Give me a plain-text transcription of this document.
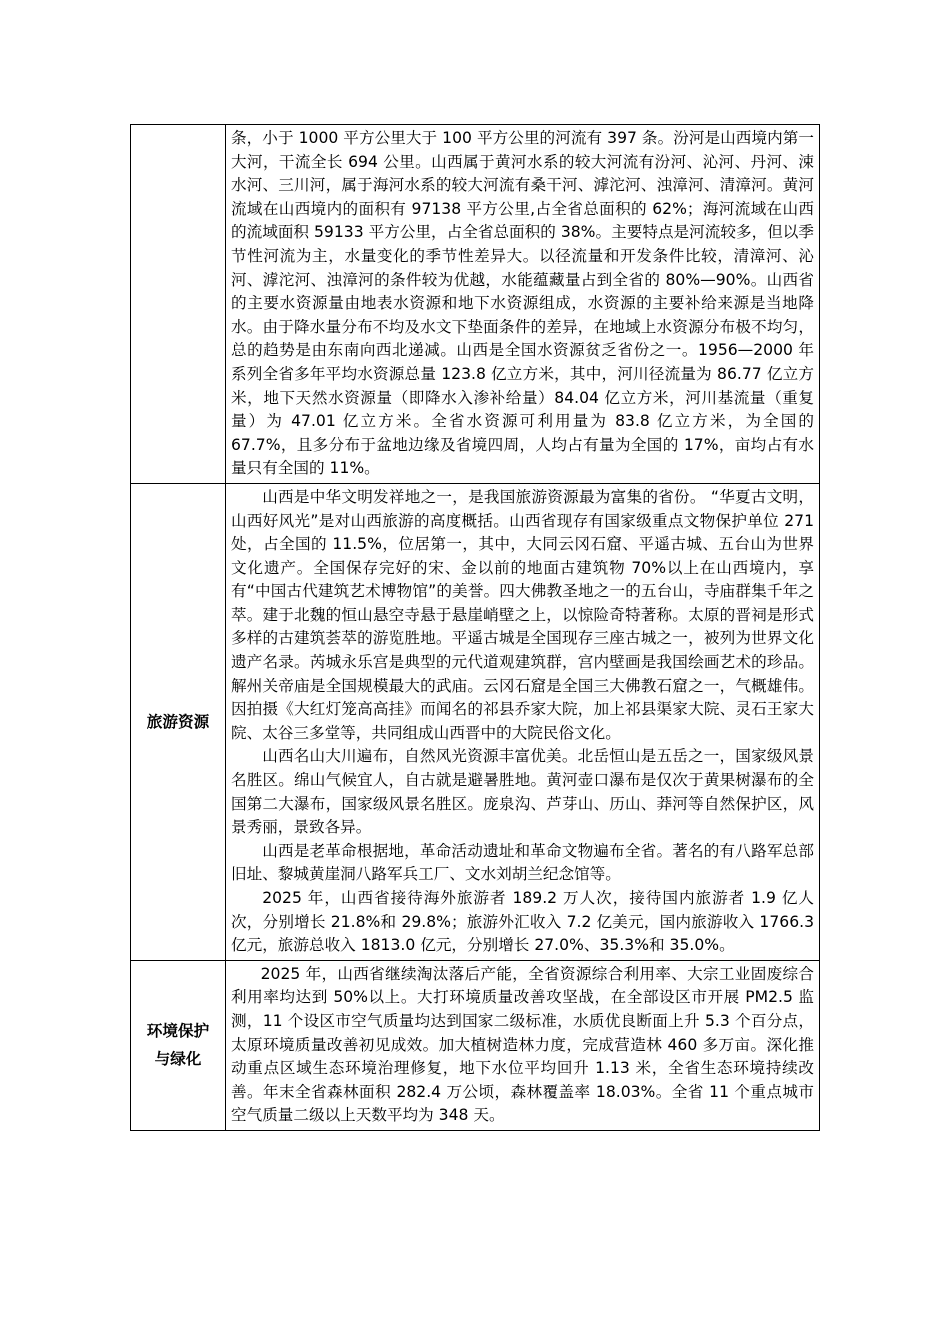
	条，小于 1000 平方公里大于 100 平方公里的河流有 397 条。汾河是山西境内第一大河，干流全长 694 公里。山西属于黄河水系的较大河流有汾河、沁河、丹河、涑水河、三川河，属于海河水系的较大河流有桑干河、滹沱河、浊漳河、清漳河。黄河流域在山西境内的面积有 97138 平方公里,占全省总面积的 62%；海河流域在山西的流域面积 59133 平方公里，占全省总面积的 38%。主要特点是河流较多，但以季节性河流为主，水量变化的季节性差异大。以径流量和开发条件比较，清漳河、沁河、滹沱河、浊漳河的条件较为优越，水能蕴藏量占到全省的 80%—90%。山西省的主要水资源量由地表水资源和地下水资源组成，水资源的主要补给来源是当地降水。由于降水量分布不均及水文下垫面条件的差异，在地域上水资源分布极不均匀，总的趋势是由东南向西北递减。山西是全国水资源贫乏省份之一。1956—2000 年系列全省多年平均水资源总量 123.8 亿立方米，其中，河川径流量为 86.77 亿立方米，地下天然水资源量（即降水入渗补给量）84.04 亿立方米，河川基流量（重复量）为 47.01 亿立方米。全省水资源可利用量为 83.8 亿立方米，为全国的 67.7%，且多分布于盆地边缘及省境四周，人均占有量为全国的 17%，亩均占有水量只有全国的 11%。

旅游资源	山西是中华文明发祥地之一，是我国旅游资源最为富集的省份。 “华夏古文明，山西好风光”是对山西旅游的高度概括。山西省现存有国家级重点文物保护单位 271 处，占全国的 11.5%，位居第一，其中，大同云冈石窟、平遥古城、五台山为世界文化遗产。全国保存完好的宋、金以前的地面古建筑物 70%以上在山西境内，享有“中国古代建筑艺术博物馆”的美誉。四大佛教圣地之一的五台山，寺庙群集千年之萃。建于北魏的恒山悬空寺悬于悬崖峭壁之上，以惊险奇特著称。太原的晋祠是形式多样的古建筑荟萃的游览胜地。平遥古城是全国现存三座古城之一，被列为世界文化遗产名录。芮城永乐宫是典型的元代道观建筑群，宫内壁画是我国绘画艺术的珍品。解州关帝庙是全国规模最大的武庙。云冈石窟是全国三大佛教石窟之一，气概雄伟。因拍摄《大红灯笼高高挂》而闻名的祁县乔家大院，加上祁县渠家大院、灵石王家大院、太谷三多堂等，共同组成山西晋中的大院民俗文化。

山西名山大川遍布，自然风光资源丰富优美。北岳恒山是五岳之一，国家级风景名胜区。绵山气候宜人，自古就是避暑胜地。黄河壶口瀑布是仅次于黄果树瀑布的全国第二大瀑布，国家级风景名胜区。庞泉沟、芦芽山、历山、莽河等自然保护区，风景秀丽，景致各异。

山西是老革命根据地，革命活动遗址和革命文物遍布全省。著名的有八路军总部旧址、黎城黄崖洞八路军兵工厂、文水刘胡兰纪念馆等。

2025 年，山西省接待海外旅游者 189.2 万人次，接待国内旅游者 1.9 亿人次，分别增长 21.8%和 29.8%；旅游外汇收入 7.2 亿美元，国内旅游收入 1766.3 亿元，旅游总收入 1813.0 亿元，分别增长 27.0%、35.3%和 35.0%。

环境保护
与绿化	2025 年，山西省继续淘汰落后产能，全省资源综合利用率、大宗工业固废综合利用率均达到 50%以上。大打环境质量改善攻坚战，在全部设区市开展 PM2.5 监测，11 个设区市空气质量均达到国家二级标准，水质优良断面上升 5.3 个百分点，太原环境质量改善初见成效。加大植树造林力度，完成营造林 460 多万亩。深化推动重点区域生态环境治理修复，地下水位平均回升 1.13 米，全省生态环境持续改善。年末全省森林面积 282.4 万公顷，森林覆盖率 18.03%。全省 11 个重点城市空气质量二级以上天数平均为 348 天。
